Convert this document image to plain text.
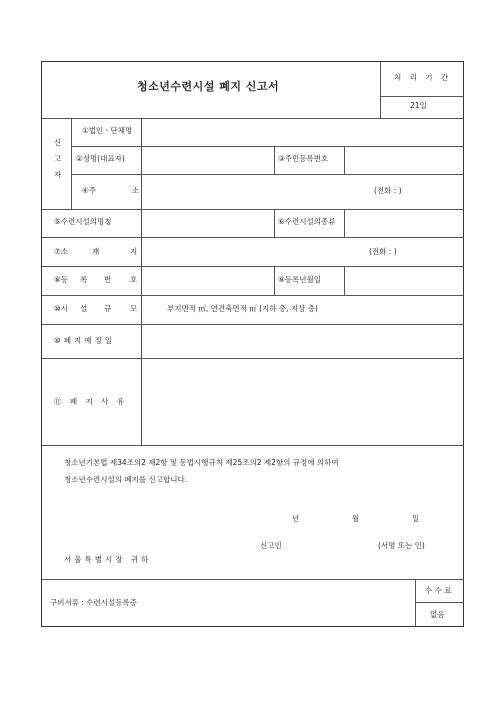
청소년수련시설 폐지 신고서
처 리 기 간
21일
신
고
자
①법인ㆍ단체명
②성명(대표자)	③주민등록번호
④주	소	(전화 : )
⑤수련시설의명칭	⑥수련시설의종류
⑦소	재	지	(전화 : )
⑧등 록 번	호	⑨등록년월일
⑩시 설 규	모	부지면적 ㎡, 연건축면적 ㎡ (지하 층, 지상 층)
⑩폐지예정일
⑪ 폐 지 사 유
청소년기본법 제34조의2 제2항 및 동법시행규칙 제25조의2 제2항의 규정에 의하여
청소년수련시설의 폐지를 신고합니다.
년	월	일
신고인	(서명 또는 인)
서울특별시장 귀하
구비서류 : 수련시설등록증
수 수 료
없음
